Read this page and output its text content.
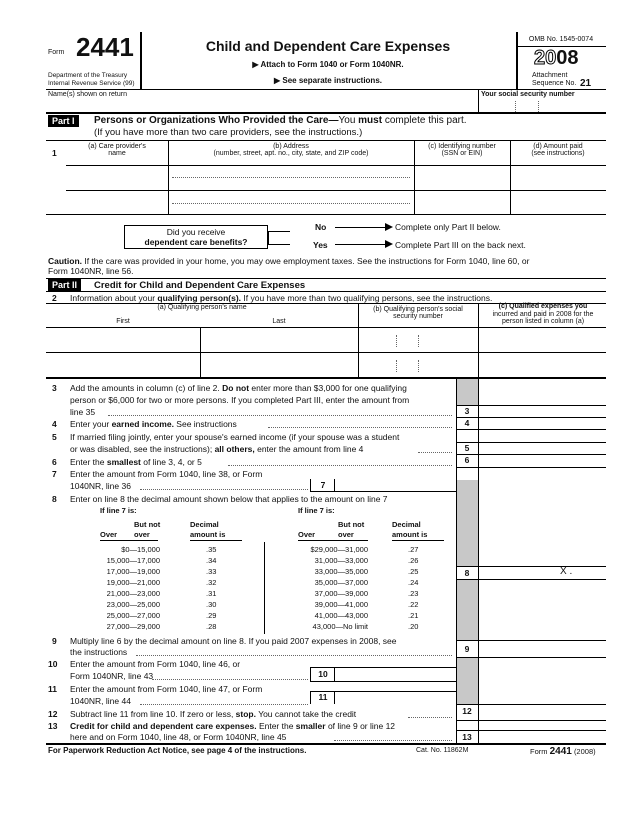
Form 2441
Department of the Treasury
Internal Revenue Service (99)
Child and Dependent Care Expenses
▶ Attach to Form 1040 or Form 1040NR.
▶ See separate instructions.
OMB No. 1545-0074
2008
Attachment
Sequence No. 21
Name(s) shown on return	Your social security number
Part I	Persons or Organizations Who Provided the Care—You must complete this part.
(If you have more than two care providers, see the instructions.)
1
(a) Care provider's
name
(b) Address
(number, street, apt. no., city, state, and ZIP code)
(c) Identifying number
(SSN or EIN)
(d) Amount paid
(see instructions)
Did you receive
dependent care benefits?
No
Yes
Complete only Part II below.
Complete Part III on the back next.
Caution. If the care was provided in your home, you may owe employment taxes. See the instructions for Form 1040, line 60, or
Form 1040NR, line 56.
Part II	Credit for Child and Dependent Care Expenses
2 Information about your qualifying person(s). If you have more than two qualifying persons, see the instructions.
(a) Qualifying person's name
First	Last
(b) Qualifying person's social
security number
(c) Qualified expenses you
incurred and paid in 2008 for the
person listed in column (a)
3 Add the amounts in column (c) of line 2. Do not enter more than $3,000 for one qualifying
person or $6,000 for two or more persons. If you completed Part III, enter the amount from
line 35	3
4 Enter your earned income. See instructions	4
5 If married filing jointly, enter your spouse's earned income (if your spouse was a student
or was disabled, see the instructions); all others, enter the amount from line 4	5
6 Enter the smallest of line 3, 4, or 5	6
7 Enter the amount from Form 1040, line 38, or Form
1040NR, line 36	7
8 Enter on line 8 the decimal amount shown below that applies to the amount on line 7
If line 7 is:	If line 7 is:
But not	Decimal
Over over	amount is
But not	Decimal
Over	over	amount is
$0—15,000	.35
15,000—17,000	.34
17,000—19,000	.33
19,000—21,000	.32
21,000—23,000	.31
23,000—25,000	.30
25,000—27,000	.29
27,000—29,000	.28
$29,000—31,000	.27
31,000—33,000	.26
33,000—35,000	.25
35,000—37,000	.24
37,000—39,000	.23
39,000—41,000	.22
41,000—43,000	.21
43,000—No limit	.20
8	X .
9 Multiply line 6 by the decimal amount on line 8. If you paid 2007 expenses in 2008, see
the instructions	9
10 Enter the amount from Form 1040, line 46, or
Form 1040NR, line 43	10
11 Enter the amount from Form 1040, line 47, or Form
1040NR, line 44	11
12 Subtract line 11 from line 10. If zero or less, stop. You cannot take the credit	12
13 Credit for child and dependent care expenses. Enter the smaller of line 9 or line 12
here and on Form 1040, line 48, or Form 1040NR, line 45	13
For Paperwork Reduction Act Notice, see page 4 of the instructions.	Cat. No. 11862M	Form 2441 (2008)
